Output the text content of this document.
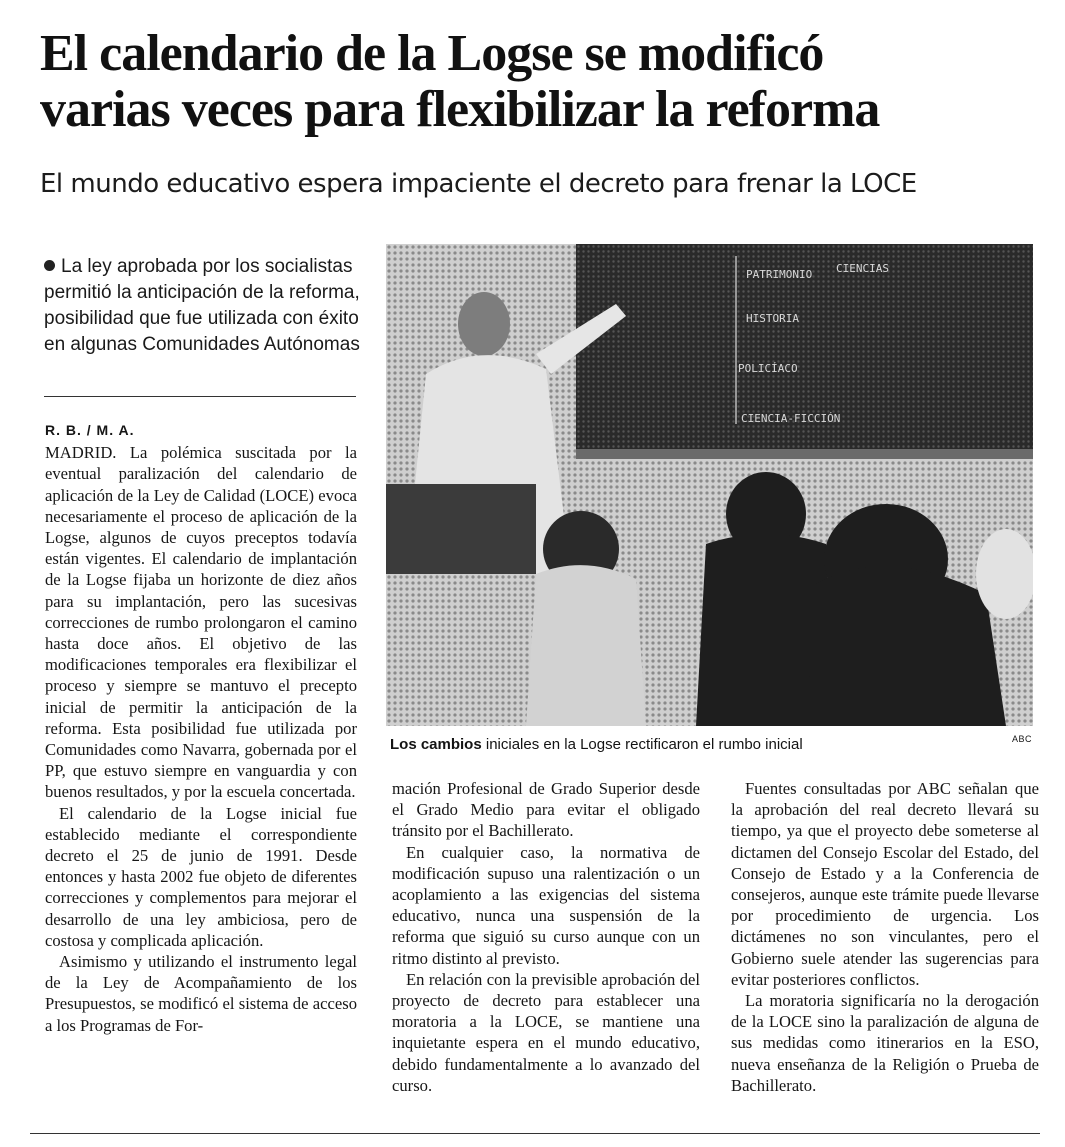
El calendario de la Logse se modificó
varias veces para flexibilizar la reforma
El mundo educativo espera impaciente el decreto para frenar la LOCE
La ley aprobada por los socialistas permitió la anticipación de la reforma, posibilidad que fue utilizada con éxito en algunas Comunidades Autónomas
PATRIMONIO
HISTORIA
POLICÍACO
CIENCIA-FICCIÓN
CIENCIAS
Los cambios iniciales en la Logse rectificaron el rumbo inicial	ABC
R. B. / M. A.

MADRID. La polémica suscitada por la eventual paralización del calendario de aplicación de la Ley de Calidad (LOCE) evoca necesariamente el proceso de aplicación de la Logse, algunos de cuyos preceptos todavía están vigentes. El calendario de implantación de la Logse fijaba un horizonte de diez años para su implantación, pero las sucesivas correcciones de rumbo prolongaron el camino hasta doce años. El objetivo de las modificaciones temporales era flexibilizar el proceso y siempre se mantuvo el precepto inicial de permitir la anticipación de la reforma. Esta posibilidad fue utilizada por Comunidades como Navarra, gobernada por el PP, que estuvo siempre en vanguardia y con buenos resultados, y por la escuela concertada.

El calendario de la Logse inicial fue establecido mediante el correspondiente decreto el 25 de junio de 1991. Desde entonces y hasta 2002 fue objeto de diferentes correcciones y complementos para mejorar el desarrollo de una ley ambiciosa, pero de costosa y complicada aplicación.

Asimismo y utilizando el instrumento legal de la Ley de Acompañamiento de los Presupuestos, se modificó el sistema de acceso a los Programas de For-

mación Profesional de Grado Superior desde el Grado Medio para evitar el obligado tránsito por el Bachillerato.

En cualquier caso, la normativa de modificación supuso una ralentización o un acoplamiento a las exigencias del sistema educativo, nunca una suspensión de la reforma que siguió su curso aunque con un ritmo distinto al previsto.

En relación con la previsible aprobación del proyecto de decreto para establecer una moratoria a la LOCE, se mantiene una inquietante espera en el mundo educativo, debido fundamentalmente a lo avanzado del curso.

Fuentes consultadas por ABC señalan que la aprobación del real decreto llevará su tiempo, ya que el proyecto debe someterse al dictamen del Consejo Escolar del Estado, del Consejo de Estado y a la Conferencia de consejeros, aunque este trámite puede llevarse por procedimiento de urgencia. Los dictámenes no son vinculantes, pero el Gobierno suele atender las sugerencias para evitar posteriores conflictos.

La moratoria significaría no la derogación de la LOCE sino la paralización de alguna de sus medidas como itinerarios en la ESO, nueva enseñanza de la Religión o Prueba de Bachillerato.
